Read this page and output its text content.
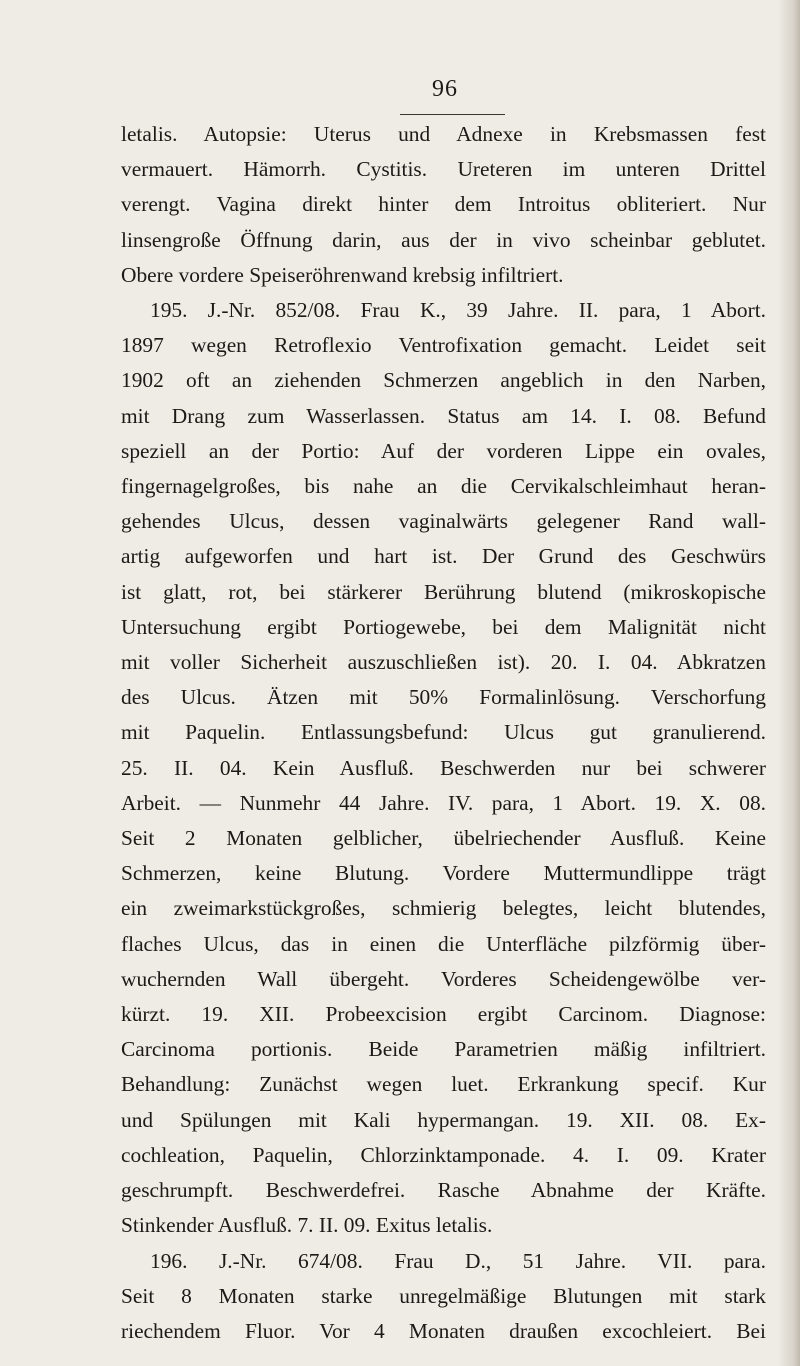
96
letalis. Autopsie: Uterus und Adnexe in Krebsmassen fest
vermauert. Hämorrh. Cystitis. Ureteren im unteren Drittel
verengt. Vagina direkt hinter dem Introitus obliteriert. Nur
linsengroße Öffnung darin, aus der in vivo scheinbar geblutet.
Obere vordere Speiseröhrenwand krebsig infiltriert.
195. J.-Nr. 852/08. Frau K., 39 Jahre. II. para, 1 Abort.
1897 wegen Retroflexio Ventrofixation gemacht. Leidet seit
1902 oft an ziehenden Schmerzen angeblich in den Narben,
mit Drang zum Wasserlassen. Status am 14. I. 08. Befund
speziell an der Portio: Auf der vorderen Lippe ein ovales,
fingernagelgroßes, bis nahe an die Cervikalschleimhaut heran-
gehendes Ulcus, dessen vaginalwärts gelegener Rand wall-
artig aufgeworfen und hart ist. Der Grund des Geschwürs
ist glatt, rot, bei stärkerer Berührung blutend (mikroskopische
Untersuchung ergibt Portiogewebe, bei dem Malignität nicht
mit voller Sicherheit auszuschließen ist). 20. I. 04. Abkratzen
des Ulcus. Ätzen mit 50% Formalinlösung. Verschorfung
mit Paquelin. Entlassungsbefund: Ulcus gut granulierend.
25. II. 04. Kein Ausfluß. Beschwerden nur bei schwerer
Arbeit. — Nunmehr 44 Jahre. IV. para, 1 Abort. 19. X. 08.
Seit 2 Monaten gelblicher, übelriechender Ausfluß. Keine
Schmerzen, keine Blutung. Vordere Muttermundlippe trägt
ein zweimarkstückgroßes, schmierig belegtes, leicht blutendes,
flaches Ulcus, das in einen die Unterfläche pilzförmig über-
wuchernden Wall übergeht. Vorderes Scheidengewölbe ver-
kürzt. 19. XII. Probeexcision ergibt Carcinom. Diagnose:
Carcinoma portionis. Beide Parametrien mäßig infiltriert.
Behandlung: Zunächst wegen luet. Erkrankung specif. Kur
und Spülungen mit Kali hypermangan. 19. XII. 08. Ex-
cochleation, Paquelin, Chlorzinktamponade. 4. I. 09. Krater
geschrumpft. Beschwerdefrei. Rasche Abnahme der Kräfte.
Stinkender Ausfluß. 7. II. 09. Exitus letalis.
196. J.-Nr. 674/08. Frau D., 51 Jahre. VII. para.
Seit 8 Monaten starke unregelmäßige Blutungen mit stark
riechendem Fluor. Vor 4 Monaten draußen excochleiert. Bei
